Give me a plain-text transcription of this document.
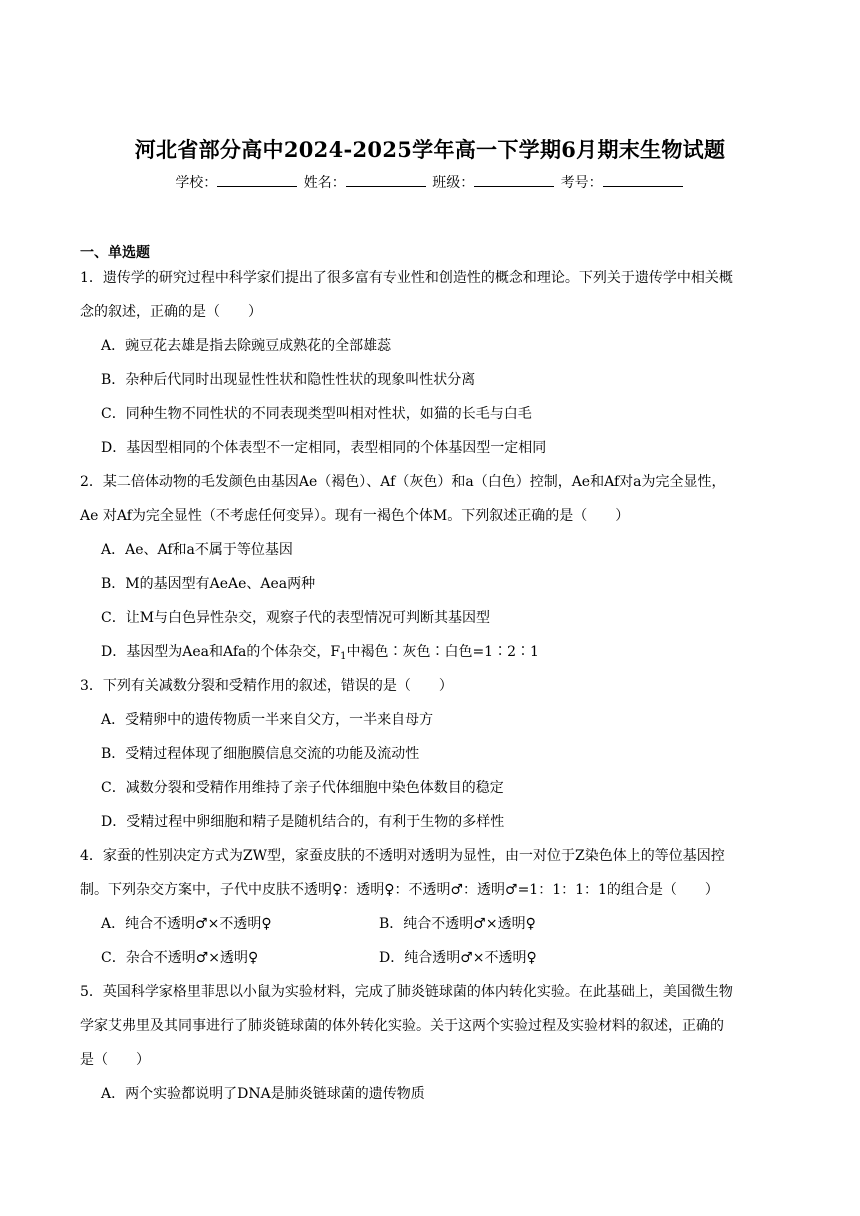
河北省部分高中2024-2025学年高一下学期6月期末生物试题
学校：	姓名：	班级：	考号：
一、单选题
1．遗传学的研究过程中科学家们提出了很多富有专业性和创造性的概念和理论。下列关于遗传学中相关概
念的叙述，正确的是（　　）
A．豌豆花去雄是指去除豌豆成熟花的全部雄蕊
B．杂种后代同时出现显性性状和隐性性状的现象叫性状分离
C．同种生物不同性状的不同表现类型叫相对性状，如猫的长毛与白毛
D．基因型相同的个体表型不一定相同，表型相同的个体基因型一定相同
2．某二倍体动物的毛发颜色由基因Ae（褐色）、Af（灰色）和a（白色）控制，Ae和Af对a为完全显性，
Ae 对Af为完全显性（不考虑任何变异）。现有一褐色个体M。下列叙述正确的是（　　）
A．Ae、Af和a不属于等位基因
B．M的基因型有AeAe、Aea两种
C．让M与白色异性杂交，观察子代的表型情况可判断其基因型
D．基因型为Aea和Afa的个体杂交，$F_1$中褐色∶灰色∶白色=1∶2∶1
3．下列有关减数分裂和受精作用的叙述，错误的是（　　）
A．受精卵中的遗传物质一半来自父方，一半来自母方
B．受精过程体现了细胞膜信息交流的功能及流动性
C．减数分裂和受精作用维持了亲子代体细胞中染色体数目的稳定
D．受精过程中卵细胞和精子是随机结合的，有利于生物的多样性
4．家蚕的性别决定方式为ZW型，家蚕皮肤的不透明对透明为显性，由一对位于Z染色体上的等位基因控
制。下列杂交方案中，子代中皮肤不透明♀：透明♀：不透明♂：透明♂=1：1：1：1的组合是（　　）
A．纯合不透明♂×不透明♀	B．纯合不透明♂×透明♀
C．杂合不透明♂×透明♀	D．纯合透明♂×不透明♀
5．英国科学家格里菲思以小鼠为实验材料，完成了肺炎链球菌的体内转化实验。在此基础上，美国微生物
学家艾弗里及其同事进行了肺炎链球菌的体外转化实验。关于这两个实验过程及实验材料的叙述，正确的
是（　　）
A．两个实验都说明了DNA是肺炎链球菌的遗传物质
